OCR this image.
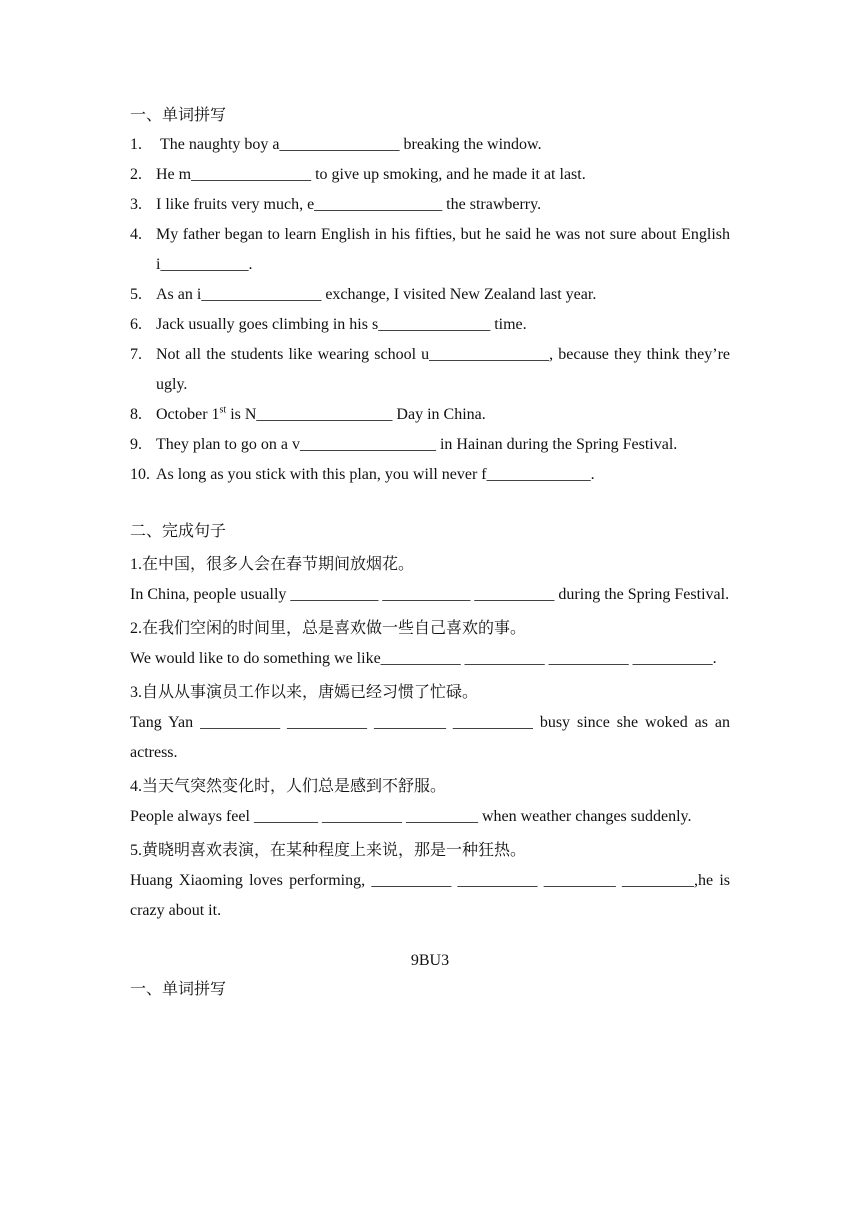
一、单词拼写
1. The naughty boy a_______________ breaking the window.
2. He m_______________ to give up smoking, and he made it at last.
3. I like fruits very much, e________________ the strawberry.
4. My father began to learn English in his fifties, but he said he was not sure about English i___________.
5. As an i_______________ exchange, I visited New Zealand last year.
6. Jack usually goes climbing in his s______________ time.
7. Not all the students like wearing school u_______________, because they think they’re ugly.
8. October 1st is N_________________ Day in China.
9. They plan to go on a v_________________ in Hainan during the Spring Festival.
10. As long as you stick with this plan, you will never f_____________.
二、完成句子
1.在中国，很多人会在春节期间放烟花。
In China, people usually ___________ ___________ __________ during the Spring Festival.
2.在我们空闲的时间里，总是喜欢做一些自己喜欢的事。
We would like to do something we like__________ __________ __________ __________.
3.自从从事演员工作以来，唐嫣已经习惯了忙碌。
Tang Yan __________ __________ _________ __________ busy since she woked as an actress.
4.当天气突然变化时，人们总是感到不舒服。
People always feel ________ __________ _________ when weather changes suddenly.
5.黄晓明喜欢表演，在某种程度上来说，那是一种狂热。
Huang Xiaoming loves performing, __________ __________ _________ _________,he is crazy about it.
9BU3
一、单词拼写
